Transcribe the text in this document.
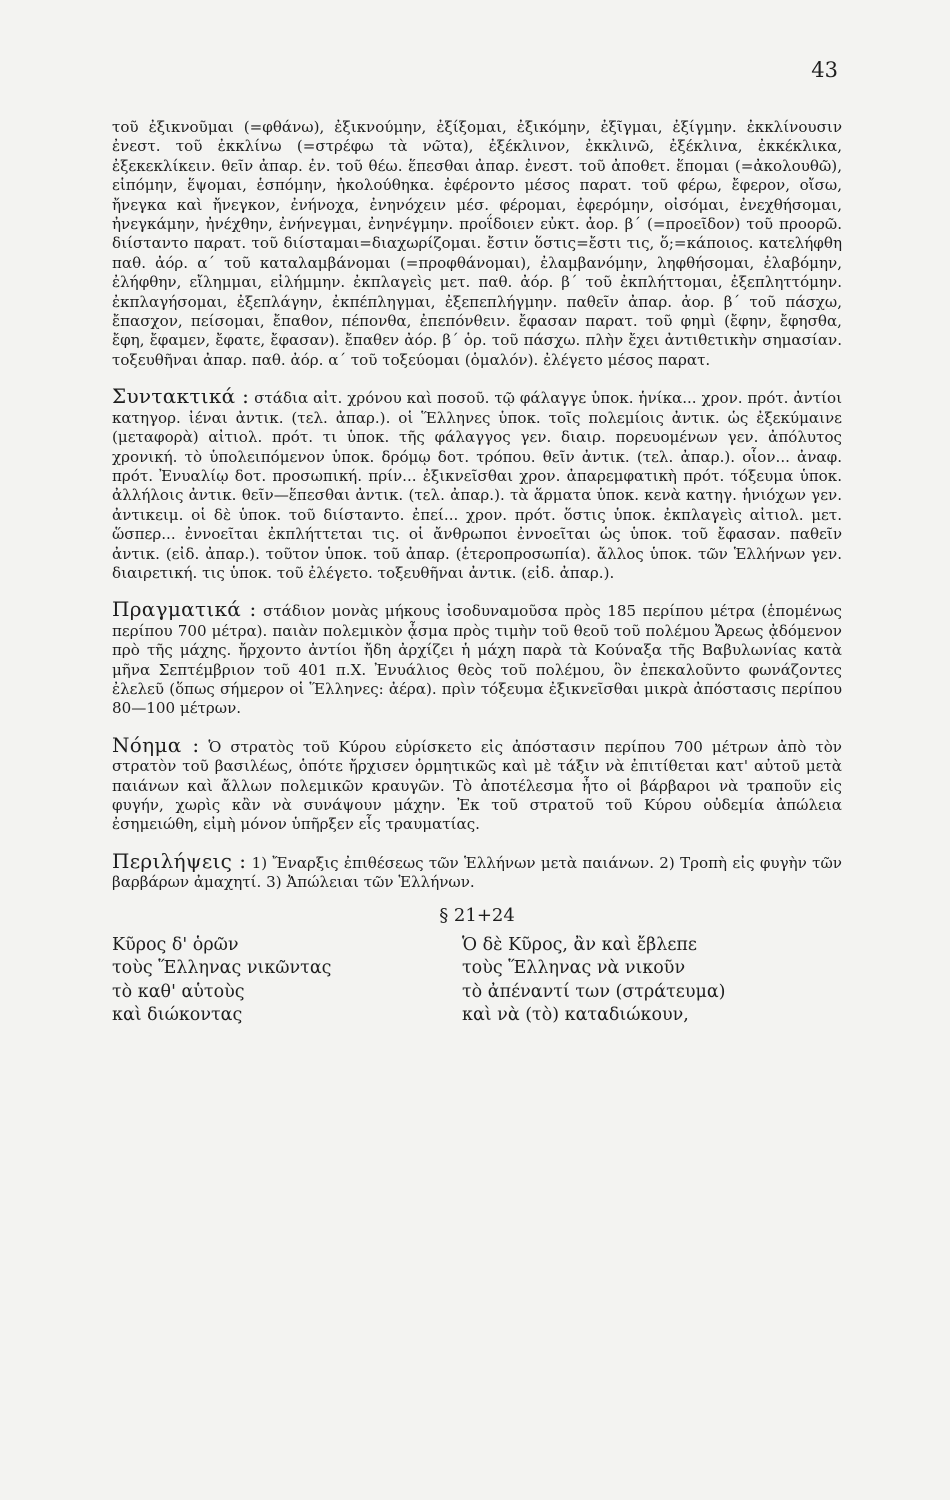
43

τοῦ ἐξικνοῦμαι (=φθάνω), ἐξικνούμην, ἐξίξομαι, ἐξικόμην, ἐξῖγμαι, ἐξίγμην. ἐκκλίνουσιν ἐνεστ. τοῦ ἐκκλίνω (=στρέφω τὰ νῶτα), ἐξέκλινον, ἐκκλινῶ, ἐξέκλινα, ἐκκέκλικα, ἐξεκεκλίκειν. θεῖν ἀπαρ. ἐν. τοῦ θέω. ἕπεσθαι ἀπαρ. ἐνεστ. τοῦ ἀποθετ. ἕπομαι (=ἀκολουθῶ), εἱπόμην, ἕψομαι, ἑσπόμην, ἠκολούθηκα. ἐφέροντο μέσος παρατ. τοῦ φέρω, ἔφερον, οἴσω, ἤνεγκα καὶ ἤνεγκον, ἐνήνοχα, ἐνηνόχειν μέσ. φέρομαι, ἐφερόμην, οἰσόμαι, ἐνεχθήσομαι, ἠνεγκάμην, ἠνέχθην, ἐνήνεγμαι, ἐνηνέγμην. προΐδοιεν εὐκτ. ἀορ. β΄ (=προεῖδον) τοῦ προορῶ. διίσταντο παρατ. τοῦ διίσταμαι=διαχωρίζομαι. ἔστιν ὅστις=ἔστι τις, ὅ;=κάποιος. κατελήφθη παθ. ἀόρ. α΄ τοῦ καταλαμβάνομαι (=προφθάνομαι), ἐλαμβανόμην, ληφθήσομαι, ἐλαβόμην, ἐλήφθην, εἴλημμαι, εἰλήμμην. ἐκπλαγεὶς μετ. παθ. ἀόρ. β΄ τοῦ ἐκπλήττομαι, ἐξεπληττόμην. ἐκπλαγήσομαι, ἐξεπλάγην, ἐκπέπληγμαι, ἐξεπεπλήγμην. παθεῖν ἀπαρ. ἀορ. β΄ τοῦ πάσχω, ἔπασχον, πείσομαι, ἔπαθον, πέπονθα, ἐπεπόνθειν. ἔφασαν παρατ. τοῦ φημὶ (ἔφην, ἔφησθα, ἔφη, ἔφαμεν, ἔφατε, ἔφασαν). ἔπαθεν ἀόρ. β΄ ὁρ. τοῦ πάσχω. πλὴν ἔχει ἀντιθετικὴν σημασίαν. τοξευθῆναι ἀπαρ. παθ. ἀόρ. α΄ τοῦ τοξεύομαι (ὁμαλόν). ἐλέγετο μέσος παρατ.

Συντακτικά : στάδια αἰτ. χρόνου καὶ ποσοῦ. τῷ φάλαγγε ὑποκ. ἡνίκα... χρον. πρότ. ἀντίοι κατηγορ. ἰέναι ἀντικ. (τελ. ἀπαρ.). οἱ Ἕλληνες ὑποκ. τοῖς πολεμίοις ἀντικ. ὡς ἐξεκύμαινε (μεταφορὰ) αἰτιολ. πρότ. τι ὑποκ. τῆς φάλαγγος γεν. διαιρ. πορευομένων γεν. ἀπόλυτος χρονική. τὸ ὑπολειπόμενον ὑποκ. δρόμῳ δοτ. τρόπου. θεῖν ἀντικ. (τελ. ἀπαρ.). οἷον... ἀναφ. πρότ. Ἐνυαλίῳ δοτ. προσωπική. πρίν... ἐξικνεῖσθαι χρον. ἀπαρεμφατικὴ πρότ. τόξευμα ὑποκ. ἀλλήλοις ἀντικ. θεῖν—ἕπεσθαι ἀντικ. (τελ. ἀπαρ.). τὰ ἅρματα ὑποκ. κενὰ κατηγ. ἡνιόχων γεν. ἀντικειμ. οἱ δὲ ὑποκ. τοῦ διίσταντο. ἐπεί... χρον. πρότ. ὅστις ὑποκ. ἐκπλαγεὶς αἰτιολ. μετ. ὥσπερ... ἐννοεῖται ἐκπλήττεται τις. οἱ ἄνθρωποι ἐννοεῖται ὡς ὑποκ. τοῦ ἔφασαν. παθεῖν ἀντικ. (εἰδ. ἀπαρ.). τοῦτον ὑποκ. τοῦ ἀπαρ. (ἑτεροπροσωπία). ἄλλος ὑποκ. τῶν Ἑλλήνων γεν. διαιρετική. τις ὑποκ. τοῦ ἐλέγετο. τοξευθῆναι ἀντικ. (εἰδ. ἀπαρ.).

Πραγματικά : στάδιον μονὰς μήκους ἰσοδυναμοῦσα πρὸς 185 περίπου μέτρα (ἑπομένως περίπου 700 μέτρα). παιὰν πολεμικὸν ᾆσμα πρὸς τιμὴν τοῦ θεοῦ τοῦ πολέμου Ἄρεως ᾀδόμενον πρὸ τῆς μάχης. ἤρχοντο ἀντίοι ἤδη ἀρχίζει ἡ μάχη παρὰ τὰ Κούναξα τῆς Βαβυλωνίας κατὰ μῆνα Σεπτέμβριον τοῦ 401 π.Χ. Ἐνυάλιος θεὸς τοῦ πολέμου, ὃν ἐπεκαλοῦντο φωνάζοντες ἐλελεῦ (ὅπως σήμερον οἱ Ἕλληνες: ἀέρα). πρὶν τόξευμα ἐξικνεῖσθαι μικρὰ ἀπόστασις περίπου 80—100 μέτρων.

Νόημα : Ὁ στρατὸς τοῦ Κύρου εὑρίσκετο εἰς ἀπόστασιν περίπου 700 μέτρων ἀπὸ τὸν στρατὸν τοῦ βασιλέως, ὁπότε ἤρχισεν ὁρμητικῶς καὶ μὲ τάξιν νὰ ἐπιτίθεται κατ' αὐτοῦ μετὰ παιάνων καὶ ἄλλων πολεμικῶν κραυγῶν. Τὸ ἀποτέλεσμα ἦτο οἱ βάρβαροι νὰ τραποῦν εἰς φυγήν, χωρὶς κἂν νὰ συνάψουν μάχην. Ἐκ τοῦ στρατοῦ τοῦ Κύρου οὐδεμία ἀπώλεια ἐσημειώθη, εἰμὴ μόνον ὑπῆρξεν εἷς τραυματίας.

Περιλήψεις : 1) Ἔναρξις ἐπιθέσεως τῶν Ἑλλήνων μετὰ παιάνων. 2) Τροπὴ εἰς φυγὴν τῶν βαρβάρων ἀμαχητί. 3) Ἀπώλειαι τῶν Ἑλλήνων.

§ 21+24
Κῦρος δ' ὁρῶν
τοὺς Ἕλληνας νικῶντας
τὸ καθ' αὑτοὺς
καὶ διώκοντας
Ὁ δὲ Κῦρος, ἂν καὶ ἔβλεπε
τοὺς Ἕλληνας νὰ νικοῦν
τὸ ἀπέναντί των (στράτευμα)
καὶ νὰ (τὸ) καταδιώκουν,
